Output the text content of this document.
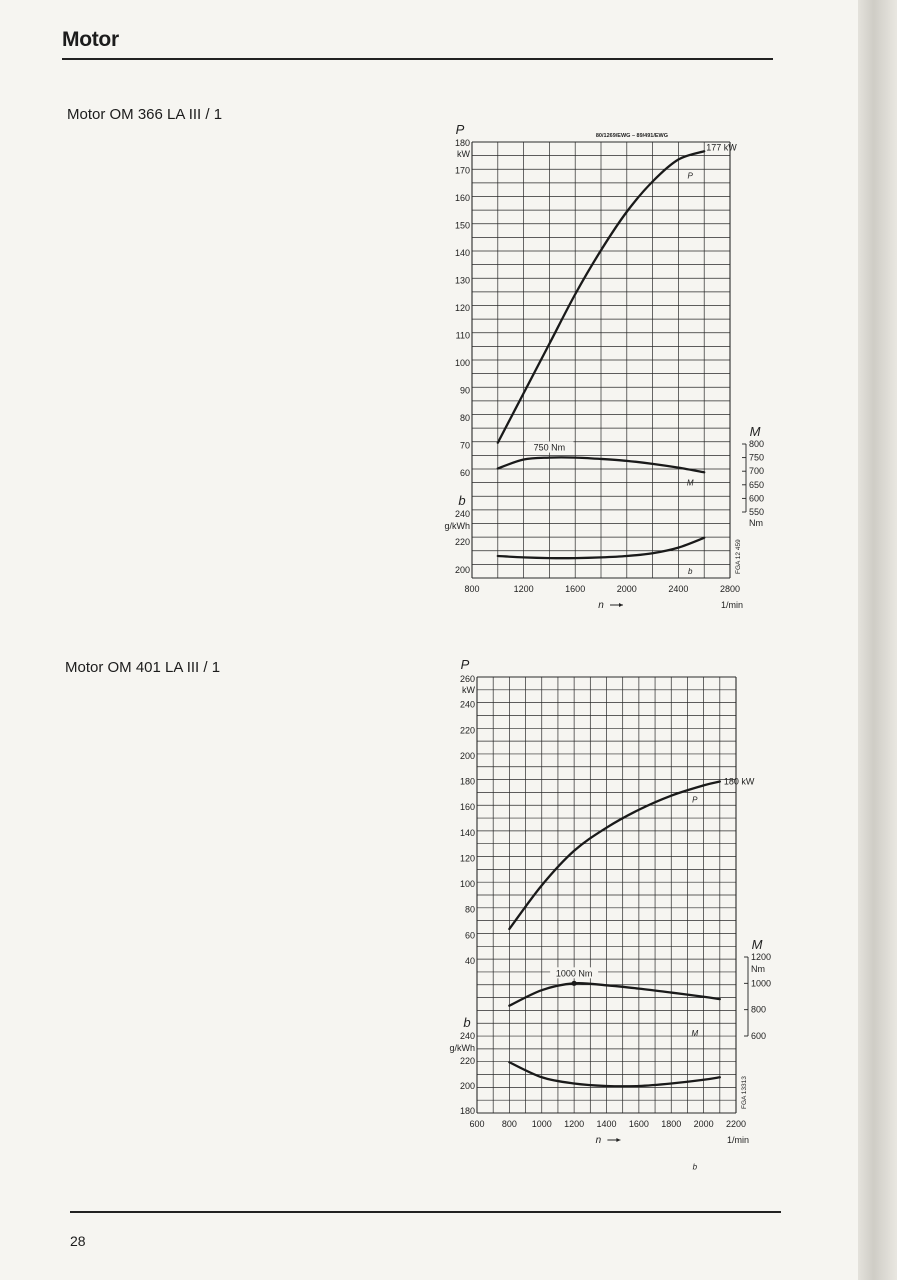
Motor
Motor OM 366 LA III / 1
Motor OM 401 LA III / 1
180
170
160
150
140
130
120
110
100
90
80
70
60
P
kW
240
220
200
b
g/kWh
800
750
700
650
600
550
M
Nm
800	1200	1600	2000	2400	2800
n	1/min
FGA 12 459
80/1269/EWG – 89/491/EWG
P
177 kW
M
750 Nm
b
260
240
220
200
180
160
140
120
100
80
60
40
P
kW
240
220
200
180
b
g/kWh
1200
1000
800
600
M
Nm
600 800 1000 1200 1400 1600 1800 2000 2200
n	1/min
FGA 13313
P
180 kW
M
1000 Nm
b
28
